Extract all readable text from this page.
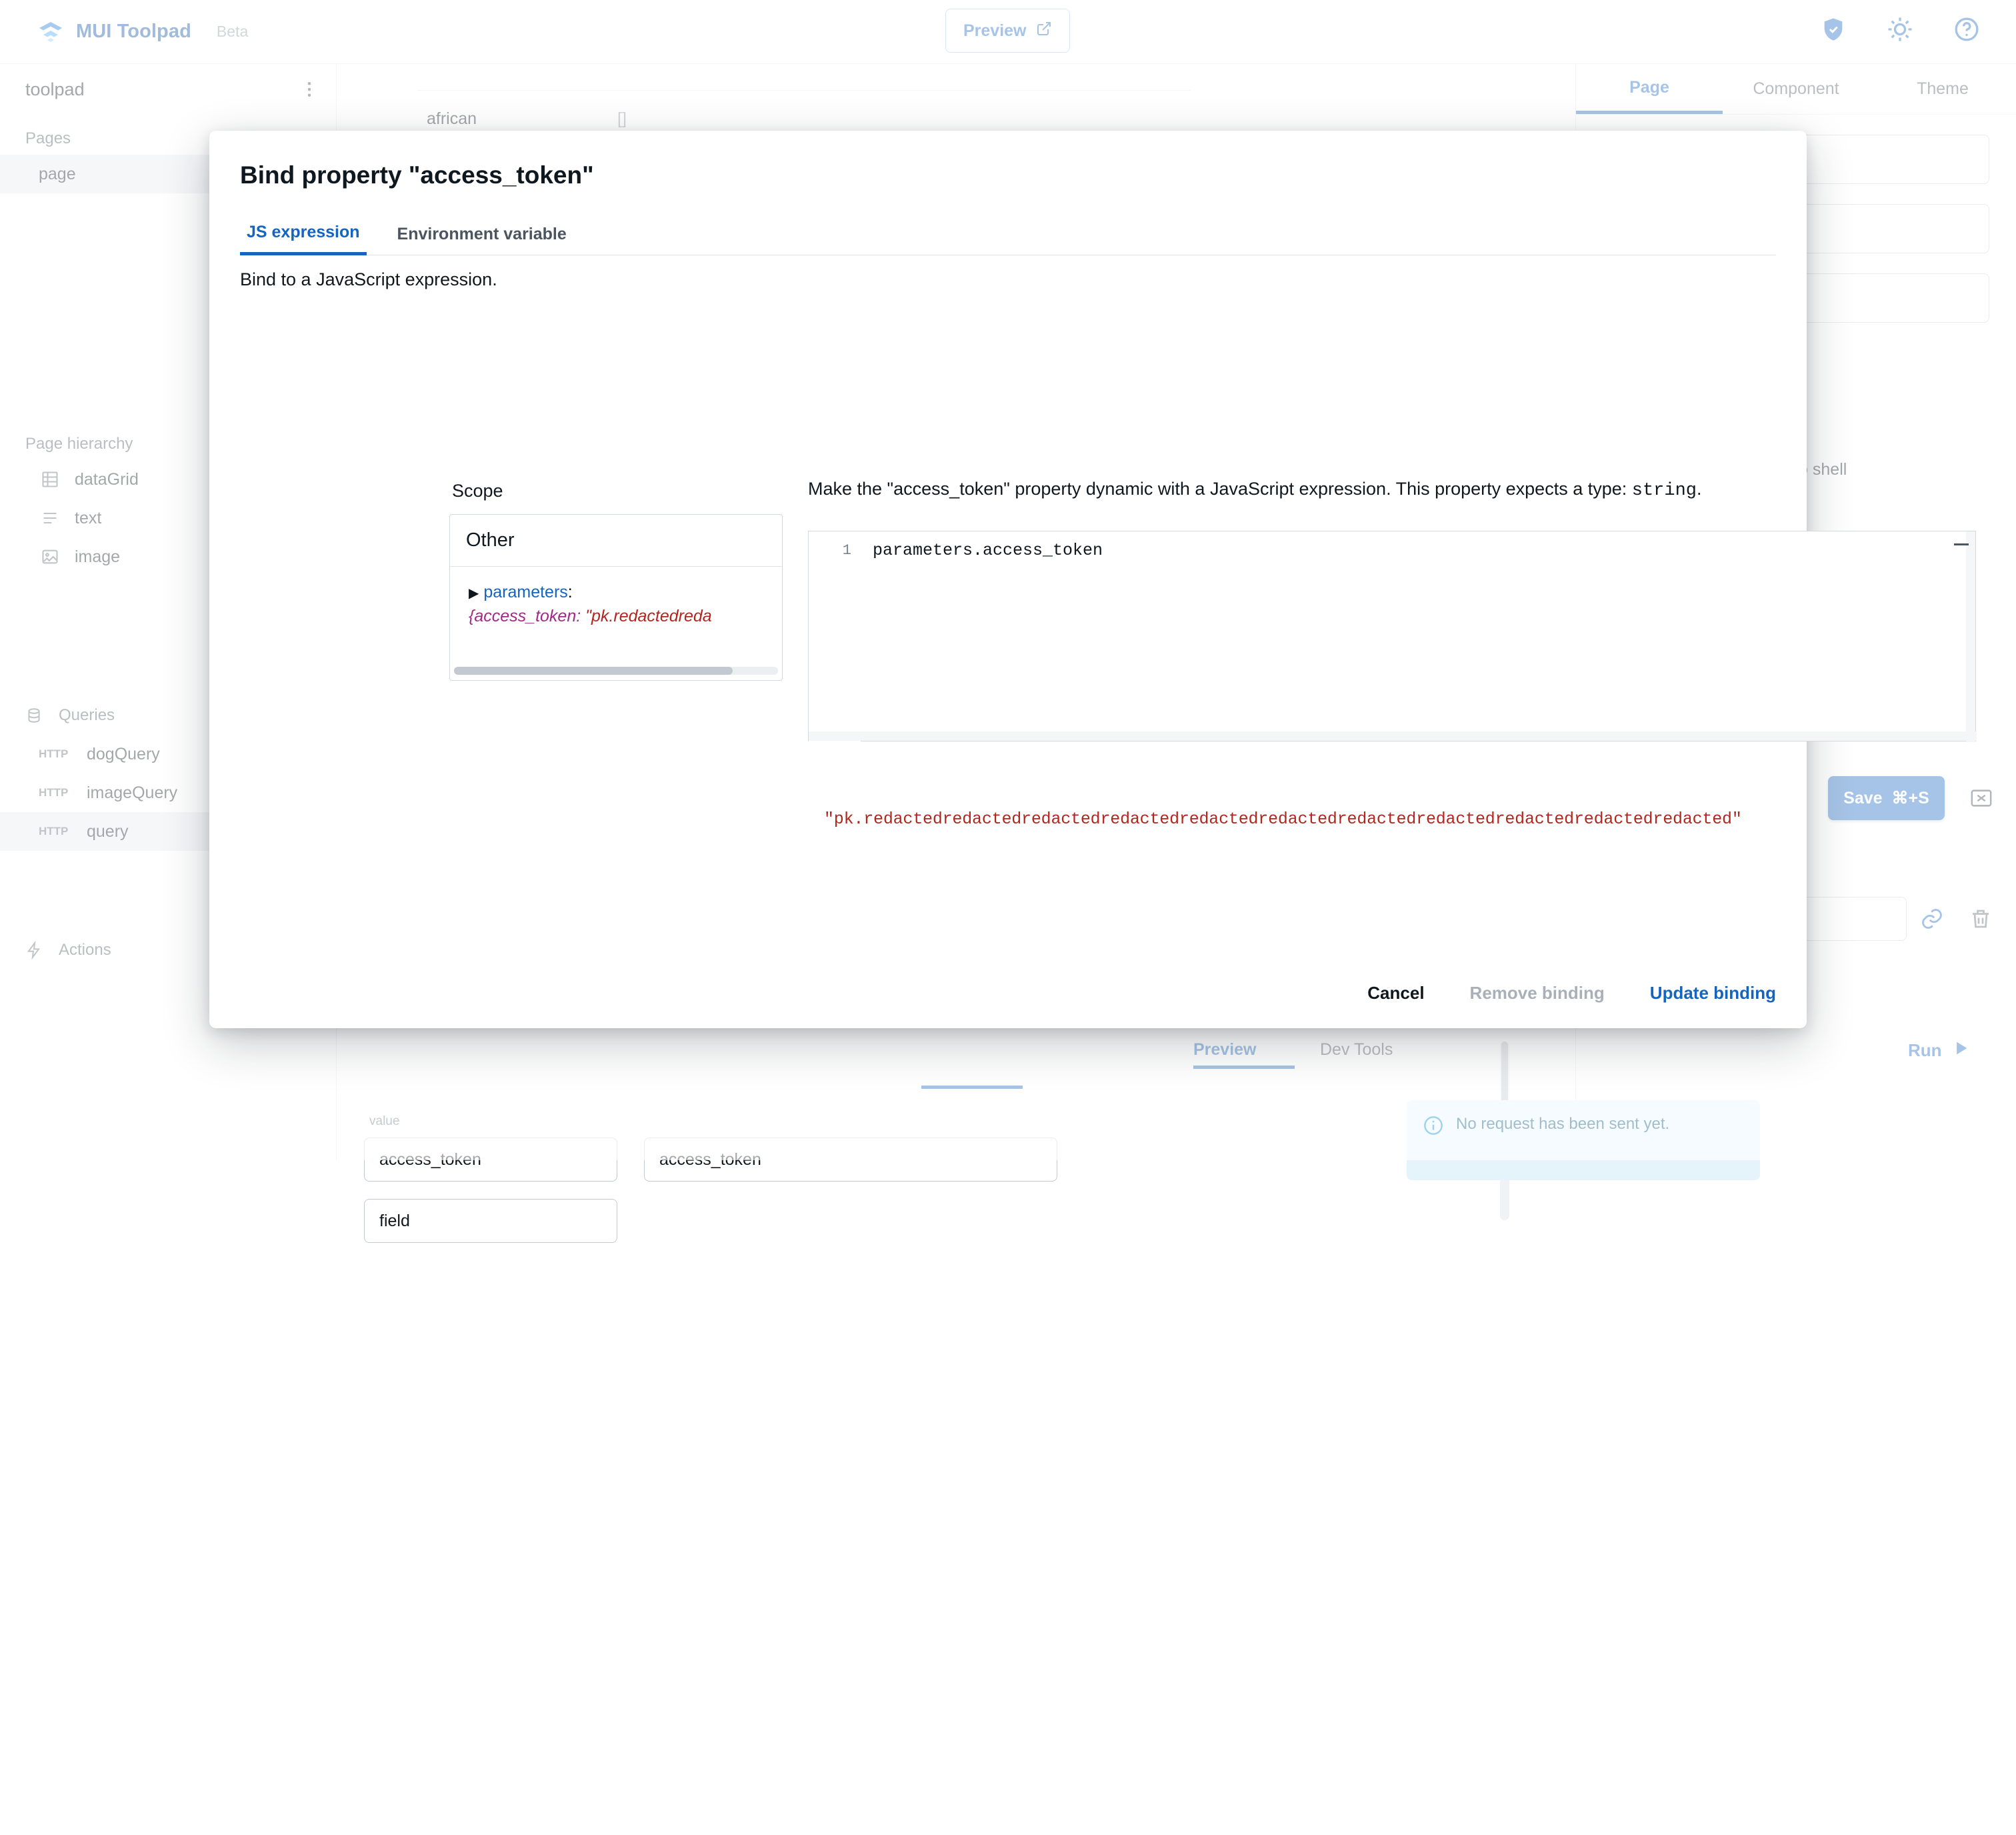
field
Bind property "access_token"
JS expression	Environment variable
Bind to a JavaScript expression.
Scope
Other
▶ parameters:
{access_token: "pk.redactedreda
Make the "access_token" property dynamic with a JavaScript expression. This property expects a type: string.
1	parameters.access_token
"pk.redactedredactedredactedredactedredactedredactedredactedredactedredactedredactedredacted"
Cancel	Remove binding	Update binding
